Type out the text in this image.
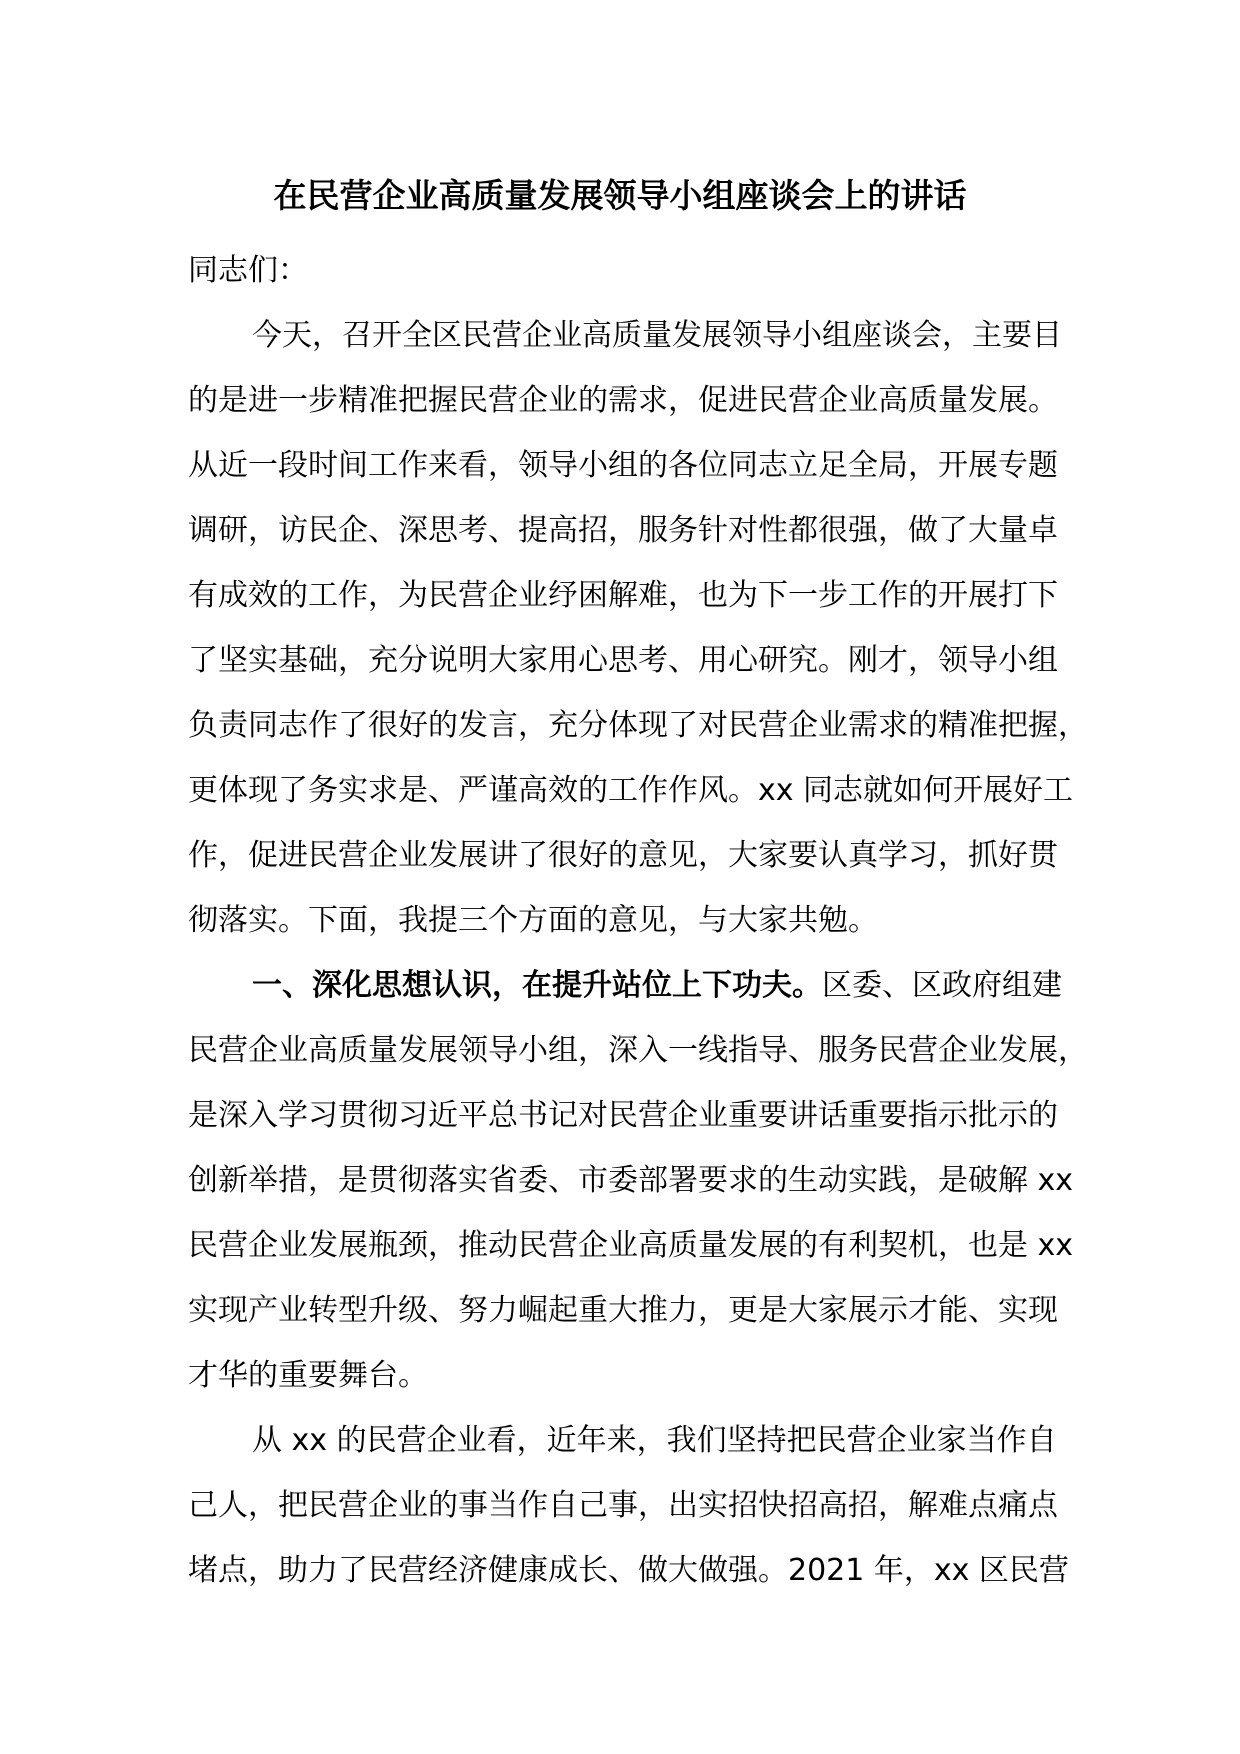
在民营企业高质量发展领导小组座谈会上的讲话
同志们：
今天，召开全区民营企业高质量发展领导小组座谈会，主要目
的是进一步精准把握民营企业的需求，促进民营企业高质量发展。
从近一段时间工作来看，领导小组的各位同志立足全局，开展专题
调研，访民企、深思考、提高招，服务针对性都很强，做了大量卓
有成效的工作，为民营企业纾困解难，也为下一步工作的开展打下
了坚实基础，充分说明大家用心思考、用心研究。刚才，领导小组
负责同志作了很好的发言，充分体现了对民营企业需求的精准把握，
更体现了务实求是、严谨高效的工作作风。xx 同志就如何开展好工
作，促进民营企业发展讲了很好的意见，大家要认真学习，抓好贯
彻落实。下面，我提三个方面的意见，与大家共勉。
一、深化思想认识，在提升站位上下功夫。区委、区政府组建
民营企业高质量发展领导小组，深入一线指导、服务民营企业发展，
是深入学习贯彻习近平总书记对民营企业重要讲话重要指示批示的
创新举措，是贯彻落实省委、市委部署要求的生动实践，是破解 xx
民营企业发展瓶颈，推动民营企业高质量发展的有利契机，也是 xx
实现产业转型升级、努力崛起重大推力，更是大家展示才能、实现
才华的重要舞台。
从 xx 的民营企业看，近年来，我们坚持把民营企业家当作自
己人，把民营企业的事当作自己事，出实招快招高招，解难点痛点
堵点，助力了民营经济健康成长、做大做强。2021 年，xx 区民营
